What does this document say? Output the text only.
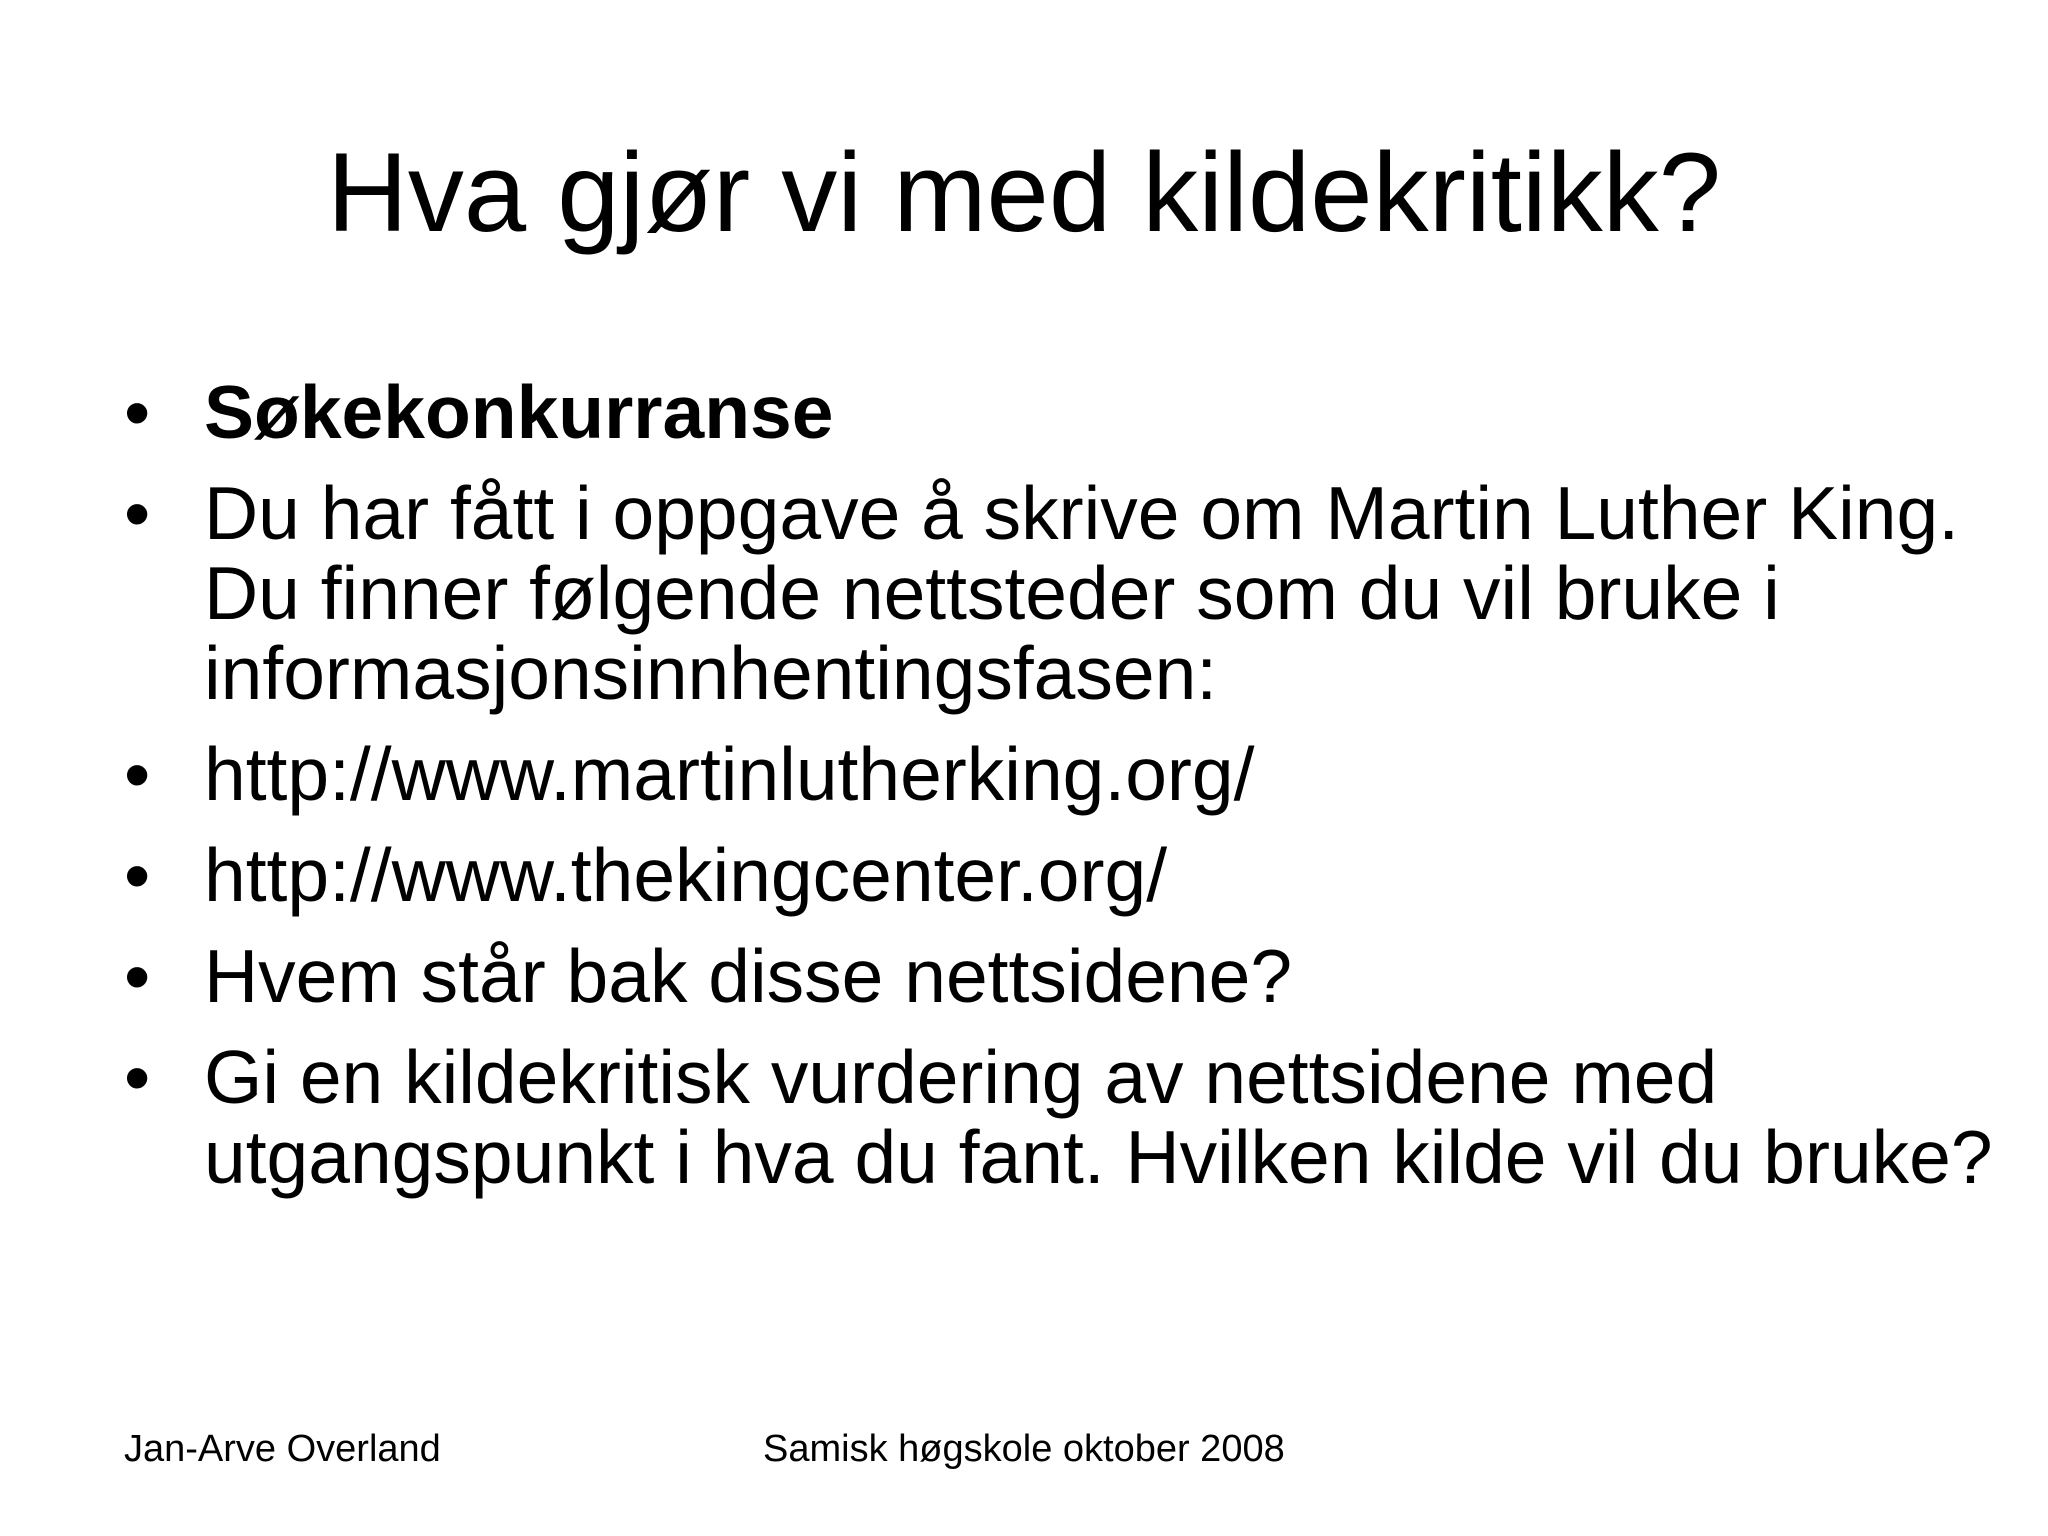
Hva gjør vi med kildekritikk?
• Søkekonkurranse
• Du har fått i oppgave å skrive om Martin Luther King. Du finner følgende nettsteder som du vil bruke i informasjonsinnhentingsfasen:
• http://www.martinlutherking.org/
• http://www.thekingcenter.org/
• Hvem står bak disse nettsidene?
• Gi en kildekritisk vurdering av nettsidene med utgangspunkt i hva du fant. Hvilken kilde vil du bruke?
Jan-Arve Overland	Samisk høgskole oktober 2008
